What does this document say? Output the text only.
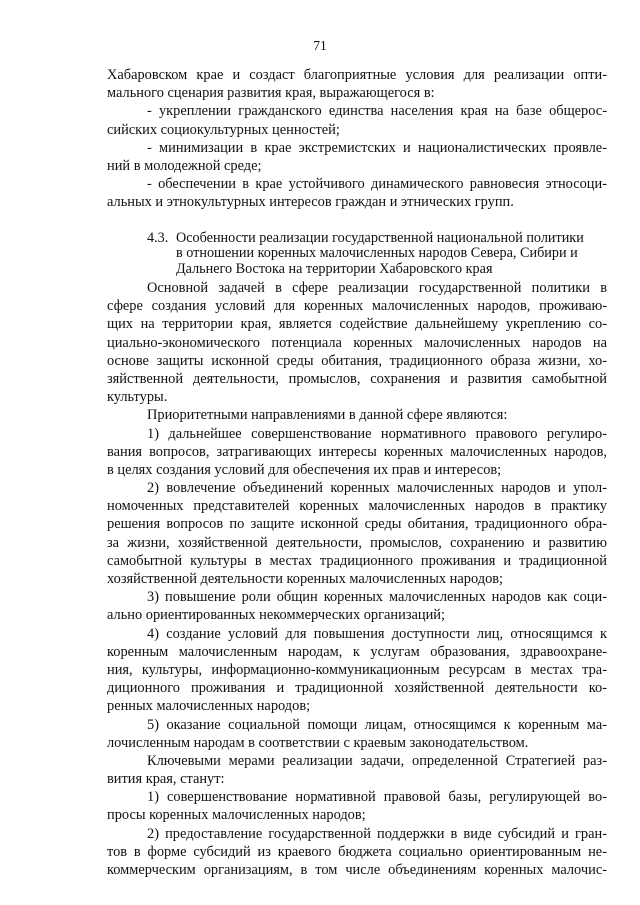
71
Хабаровском крае и создаст благоприятные условия для реализации опти-
мального сценария развития края, выражающегося в:
- укреплении гражданского единства населения края на базе общерос-
сийских социокультурных ценностей;
- минимизации в крае экстремистских и националистических проявле-
ний в молодежной среде;
- обеспечении в крае устойчивого динамического равновесия этносоци-
альных и этнокультурных интересов граждан и этнических групп.
4.3. Особенности реализации государственной национальной политики
в отношении коренных малочисленных народов Севера, Сибири и
Дальнего Востока на территории Хабаровского края
Основной задачей в сфере реализации государственной политики в
сфере создания условий для коренных малочисленных народов, проживаю-
щих на территории края, является содействие дальнейшему укреплению со-
циально-экономического потенциала коренных малочисленных народов на
основе защиты исконной среды обитания, традиционного образа жизни, хо-
зяйственной деятельности, промыслов, сохранения и развития самобытной
культуры.
Приоритетными направлениями в данной сфере являются:
1) дальнейшее совершенствование нормативного правового регулиро-
вания вопросов, затрагивающих интересы коренных малочисленных народов,
в целях создания условий для обеспечения их прав и интересов;
2) вовлечение объединений коренных малочисленных народов и упол-
номоченных представителей коренных малочисленных народов в практику
решения вопросов по защите исконной среды обитания, традиционного обра-
за жизни, хозяйственной деятельности, промыслов, сохранению и развитию
самобытной культуры в местах традиционного проживания и традиционной
хозяйственной деятельности коренных малочисленных народов;
3) повышение роли общин коренных малочисленных народов как соци-
ально ориентированных некоммерческих организаций;
4) создание условий для повышения доступности лиц, относящимся к
коренным малочисленным народам, к услугам образования, здравоохране-
ния, культуры, информационно-коммуникационным ресурсам в местах тра-
диционного проживания и традиционной хозяйственной деятельности ко-
ренных малочисленных народов;
5) оказание социальной помощи лицам, относящимся к коренным ма-
лочисленным народам в соответствии с краевым законодательством.
Ключевыми мерами реализации задачи, определенной Стратегией раз-
вития края, станут:
1) совершенствование нормативной правовой базы, регулирующей во-
просы коренных малочисленных народов;
2) предоставление государственной поддержки в виде субсидий и гран-
тов в форме субсидий из краевого бюджета социально ориентированным не-
коммерческим организациям, в том числе объединениям коренных малочис-
